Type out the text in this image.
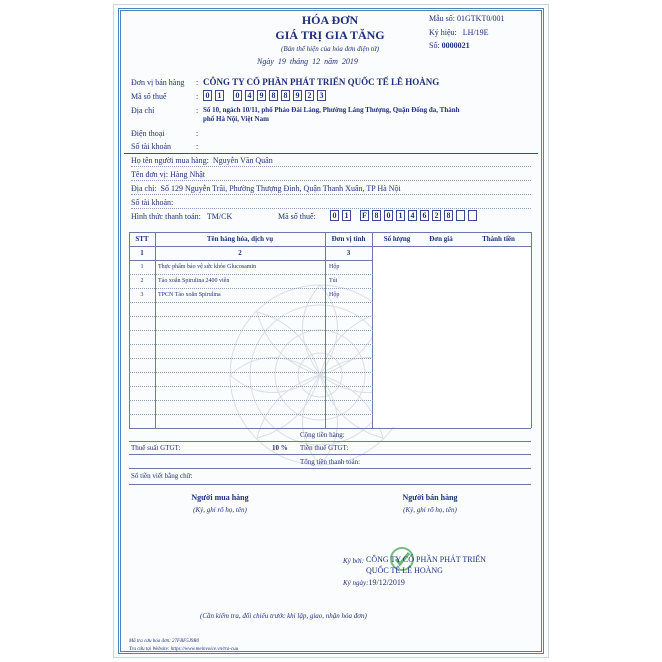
HÓA ĐƠN
GIÁ TRỊ GIA TĂNG
(Bản thể hiện của hóa đơn điện tử)
Ngày 19 tháng 12 năm 2019
Mẫu số: 01GTKT0/001
Ký hiệu: LH/19E
Số: 0000021
Đơn vị bán hàng : CÔNG TY CỔ PHẦN PHÁT TRIỂN QUỐC TẾ LÊ HOÀNG
Mã số thuế	: 0	1	0	4	9	8	8	9	2	3
Địa chỉ	: Số 10, ngách 10/11, phố Pháo Đài Láng, Phường Láng Thượng, Quận Đống đa, Thành
phố Hà Nội, Việt Nam
Điện thoại	:
Số tài khoản	:
Họ tên người mua hàng: Nguyễn Văn Quân
Tên đơn vị: Hàng Nhật
Địa chỉ: Số 129 Nguyễn Trãi, Phường Thượng Đình, Quận Thanh Xuân, TP Hà Nội
Số tài khoản:
Hình thức thanh toán: TM/CK	Mã số thuế:	0	1	F 8	0	1	4	6	2	8
STT	Tên hàng hóa, dịch vụ	Đơn vị tính	Số lượng	Đơn giá	Thành tiền
1	2	3
1	Thực phẩm bảo vệ sức khỏe Glucosamin	Hộp
2	Tảo xoắn Spirulina 2400 viên	Túi
3	TPCN Tảo xoắn Spirulina	Hộp
Cộng tiền hàng:
Thuế suất GTGT:	10 % Tiền thuế GTGT:
Tổng tiền thanh toán:
Số tiền viết bằng chữ:
Người mua hàng
(Ký, ghi rõ họ, tên)
Người bán hàng
(Ký, ghi rõ họ, tên)
Ký bởi: CÔNG TY CỔ PHẦN PHÁT TRIỂN
QUỐC TẾ LÊ HOÀNG
Ký ngày:19/12/2019
(Cần kiểm tra, đối chiếu trước khi lập, giao, nhận hóa đơn)
Mã tra cứu hóa đơn: 27FBF5J9R0
Tra cứu tại Website: https://www.meinvoice.vn/tra-cuu
